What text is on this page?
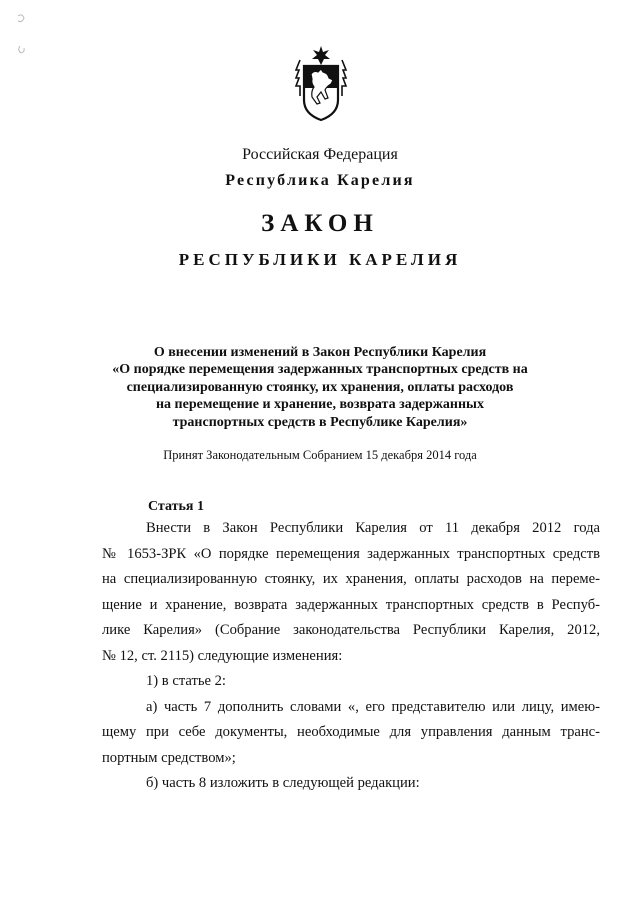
Российская Федерация
Республика Карелия
ЗАКОН
РЕСПУБЛИКИ КАРЕЛИЯ
О внесении изменений в Закон Республики Карелия
«О порядке перемещения задержанных транспортных средств на
специализированную стоянку, их хранения, оплаты расходов
на перемещение и хранение, возврата задержанных
транспортных средств в Республике Карелия»
Принят Законодательным Собранием 15 декабря 2014 года
Статья 1
Внести в Закон Республики Карелия от 11 декабря 2012 года
№ 1653-ЗРК «О порядке перемещения задержанных транспортных средств
на специализированную стоянку, их хранения, оплаты расходов на переме-
щение и хранение, возврата задержанных транспортных средств в Респуб-
лике Карелия» (Собрание законодательства Республики Карелия, 2012,
№ 12, ст. 2115) следующие изменения:
1) в статье 2:
а) часть 7 дополнить словами «, его представителю или лицу, имею-
щему при себе документы, необходимые для управления данным транс-
портным средством»;
б) часть 8 изложить в следующей редакции:
